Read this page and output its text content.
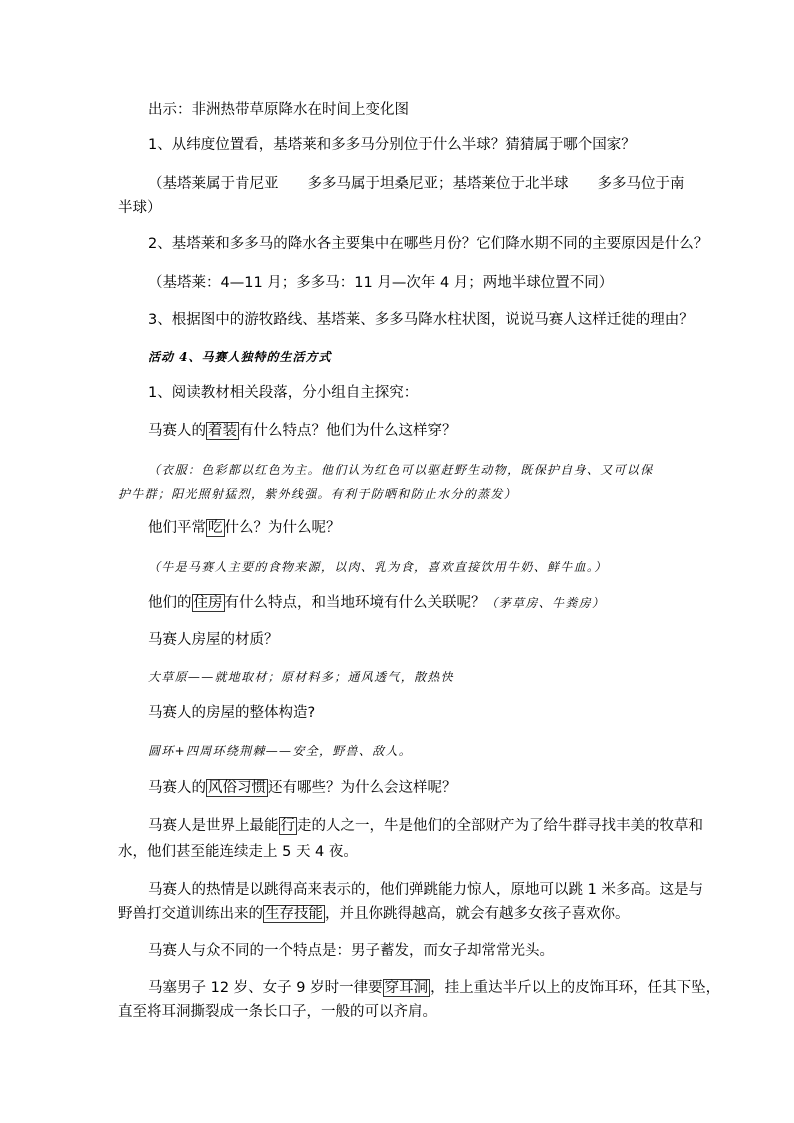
出示：非洲热带草原降水在时间上变化图
1、从纬度位置看，基塔莱和多多马分别位于什么半球？猜猜属于哪个国家？
（基塔莱属于肯尼亚　　多多马属于坦桑尼亚；基塔莱位于北半球　　多多马位于南
半球）
2、基塔莱和多多马的降水各主要集中在哪些月份？它们降水期不同的主要原因是什么？
（基塔莱：4—11 月；多多马：11 月—次年 4 月；两地半球位置不同）
3、根据图中的游牧路线、基塔莱、多多马降水柱状图，说说马赛人这样迁徙的理由？
活动 4、马赛人独特的生活方式
1、阅读教材相关段落，分小组自主探究：
马赛人的 着装 有什么特点？他们为什么这样穿？
（衣服：色彩都以红色为主。他们认为红色可以驱赶野生动物，既保护自身、又可以保
护牛群；阳光照射猛烈，紫外线强。有利于防晒和防止水分的蒸发）
他们平常 吃 什么？为什么呢？
（牛是马赛人主要的食物来源，以肉、乳为食，喜欢直接饮用牛奶、鲜牛血。）
他们的 住房 有什么特点，和当地环境有什么关联呢？（茅草房、牛粪房）
马赛人房屋的材质？
大草原——就地取材；原材料多；通风透气，散热快
马赛人的房屋的整体构造?
圆环+四周环绕荆棘——安全，野兽、敌人。
马赛人的 风俗习惯 还有哪些？为什么会这样呢？
马赛人是世界上最能 行 走的人之一，牛是他们的全部财产为了给牛群寻找丰美的牧草和
水，他们甚至能连续走上 5 天 4 夜。
马赛人的热情是以跳得高来表示的，他们弹跳能力惊人，原地可以跳 1 米多高。这是与
野兽打交道训练出来的 生存技能 ，并且你跳得越高，就会有越多女孩子喜欢你。
马赛人与众不同的一个特点是：男子蓄发，而女子却常常光头。
马塞男子 12 岁、女子 9 岁时一律要 穿耳洞 ，挂上重达半斤以上的皮饰耳环，任其下坠，
直至将耳洞撕裂成一条长口子，一般的可以齐肩。
